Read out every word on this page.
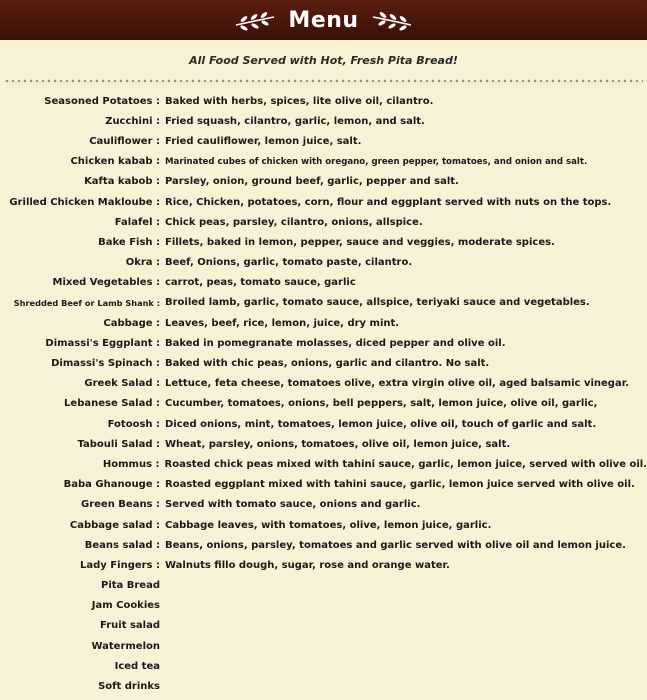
Menu
All Food Served with Hot, Fresh Pita Bread!
Seasoned Potatoes : Baked with herbs, spices, lite olive oil, cilantro.
Zucchini : Fried squash, cilantro, garlic, lemon, and salt.
Cauliflower : Fried cauliflower, lemon juice, salt.
Chicken kabab : Marinated cubes of chicken with oregano, green pepper, tomatoes, and onion and salt.
Kafta kabob : Parsley, onion, ground beef, garlic, pepper and salt.
Grilled Chicken Makloube : Rice, Chicken, potatoes, corn, flour and eggplant served with nuts on the tops.
Falafel : Chick peas, parsley, cilantro, onions, allspice.
Bake Fish : Fillets, baked in lemon, pepper, sauce and veggies, moderate spices.
Okra : Beef, Onions, garlic, tomato paste, cilantro.
Mixed Vegetables : carrot, peas, tomato sauce, garlic
Shredded Beef or Lamb Shank : Broiled lamb, garlic, tomato sauce, allspice, teriyaki sauce and vegetables.
Cabbage : Leaves, beef, rice, lemon, juice, dry mint.
Dimassi's Eggplant : Baked in pomegranate molasses, diced pepper and olive oil.
Dimassi's Spinach : Baked with chic peas, onions, garlic and cilantro. No salt.
Greek Salad : Lettuce, feta cheese, tomatoes olive, extra virgin olive oil, aged balsamic vinegar.
Lebanese Salad : Cucumber, tomatoes, onions, bell peppers, salt, lemon juice, olive oil, garlic,
Fotoosh : Diced onions, mint, tomatoes, lemon juice, olive oil, touch of garlic and salt.
Tabouli Salad : Wheat, parsley, onions, tomatoes, olive oil, lemon juice, salt.
Hommus : Roasted chick peas mixed with tahini sauce, garlic, lemon juice, served with olive oil.
Baba Ghanouge : Roasted eggplant mixed with tahini sauce, garlic, lemon juice served with olive oil.
Green Beans : Served with tomato sauce, onions and garlic.
Cabbage salad : Cabbage leaves, with tomatoes, olive, lemon juice, garlic.
Beans salad : Beans, onions, parsley, tomatoes and garlic served with olive oil and lemon juice.
Lady Fingers : Walnuts fillo dough, sugar, rose and orange water.
Pita Bread
Jam Cookies
Fruit salad
Watermelon
Iced tea
Soft drinks
